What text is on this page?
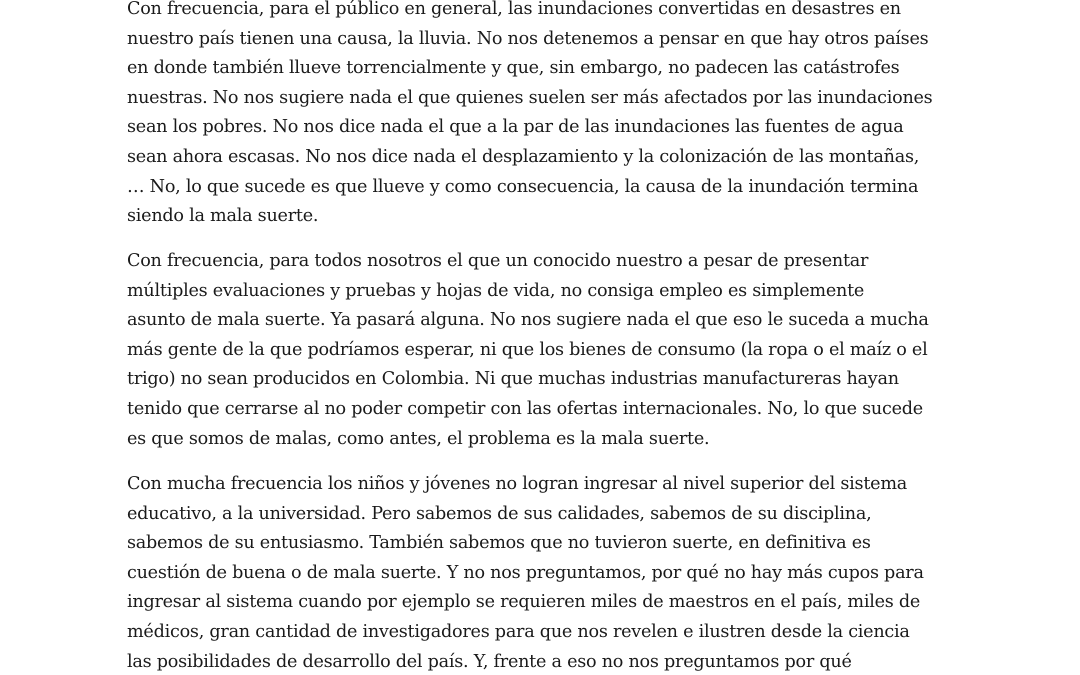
Con frecuencia, para el público en general, las inundaciones convertidas en desastres en
nuestro país tienen una causa, la lluvia. No nos detenemos a pensar en que hay otros países
en donde también llueve torrencialmente y que, sin embargo, no padecen las catástrofes
nuestras. No nos sugiere nada el que quienes suelen ser más afectados por las inundaciones
sean los pobres. No nos dice nada el que a la par de las inundaciones las fuentes de agua
sean ahora escasas. No nos dice nada el desplazamiento y la colonización de las montañas,
… No, lo que sucede es que llueve y como consecuencia, la causa de la inundación termina
siendo la mala suerte.
Con frecuencia, para todos nosotros el que un conocido nuestro a pesar de presentar
múltiples evaluaciones y pruebas y hojas de vida, no consiga empleo es simplemente
asunto de mala suerte. Ya pasará alguna. No nos sugiere nada el que eso le suceda a mucha
más gente de la que podríamos esperar, ni que los bienes de consumo (la ropa o el maíz o el
trigo) no sean producidos en Colombia. Ni que muchas industrias manufactureras hayan
tenido que cerrarse al no poder competir con las ofertas internacionales. No, lo que sucede
es que somos de malas, como antes, el problema es la mala suerte.
Con mucha frecuencia los niños y jóvenes no logran ingresar al nivel superior del sistema
educativo, a la universidad. Pero sabemos de sus calidades, sabemos de su disciplina,
sabemos de su entusiasmo. También sabemos que no tuvieron suerte, en definitiva es
cuestión de buena o de mala suerte. Y no nos preguntamos, por qué no hay más cupos para
ingresar al sistema cuando por ejemplo se requieren miles de maestros en el país, miles de
médicos, gran cantidad de investigadores para que nos revelen e ilustren desde la ciencia
las posibilidades de desarrollo del país. Y, frente a eso no nos preguntamos por qué
